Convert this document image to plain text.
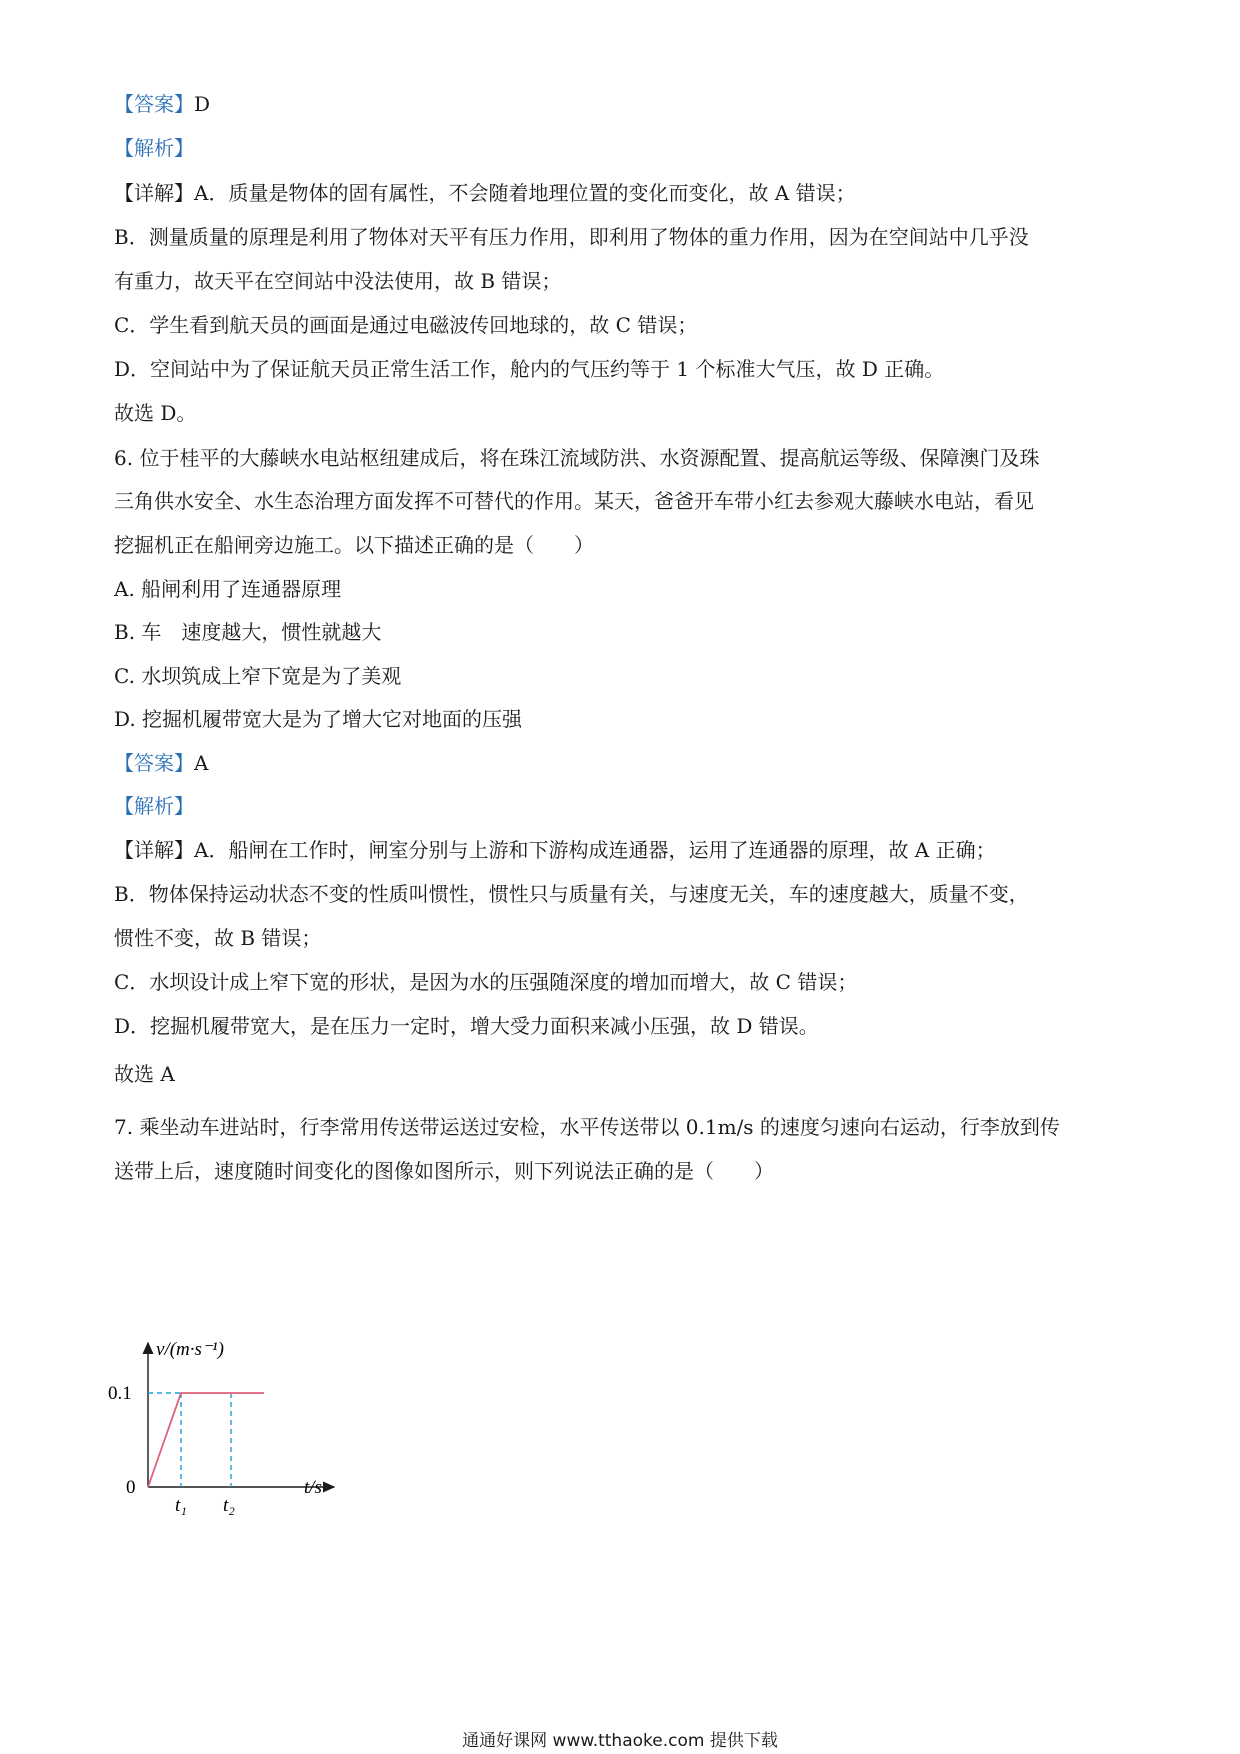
【答案】D
【解析】
【详解】A．质量是物体的固有属性，不会随着地理位置的变化而变化，故 A 错误；
B．测量质量的原理是利用了物体对天平有压力作用，即利用了物体的重力作用，因为在空间站中几乎没
有重力，故天平在空间站中没法使用，故 B 错误；
C．学生看到航天员的画面是通过电磁波传回地球的，故 C 错误；
D．空间站中为了保证航天员正常生活工作，舱内的气压约等于 1 个标准大气压，故 D 正确。
故选 D。
6. 位于桂平的大藤峡水电站枢纽建成后，将在珠江流域防洪、水资源配置、提高航运等级、保障澳门及珠
三角供水安全、水生态治理方面发挥不可替代的作用。某天，爸爸开车带小红去参观大藤峡水电站，看见
挖掘机正在船闸旁边施工。以下描述正确的是（　　）
A. 船闸利用了连通器原理
B. 车　速度越大，惯性就越大
C. 水坝筑成上窄下宽是为了美观
D. 挖掘机履带宽大是为了增大它对地面的压强
【答案】A
【解析】
【详解】A．船闸在工作时，闸室分别与上游和下游构成连通器，运用了连通器的原理，故 A 正确；
B．物体保持运动状态不变的性质叫惯性，惯性只与质量有关，与速度无关，车的速度越大，质量不变，
惯性不变，故 B 错误；
C．水坝设计成上窄下宽的形状，是因为水的压强随深度的增加而增大，故 C 错误；
D．挖掘机履带宽大，是在压力一定时，增大受力面积来减小压强，故 D 错误。
故选 A
7. 乘坐动车进站时，行李常用传送带运送过安检，水平传送带以 0.1m/s 的速度匀速向右运动，行李放到传
送带上后，速度随时间变化的图像如图所示，则下列说法正确的是（　　）
v/(m·s⁻¹)
0.1
0
t₁ t₂
t/s
通通好课网 www.tthaoke.com 提供下载
